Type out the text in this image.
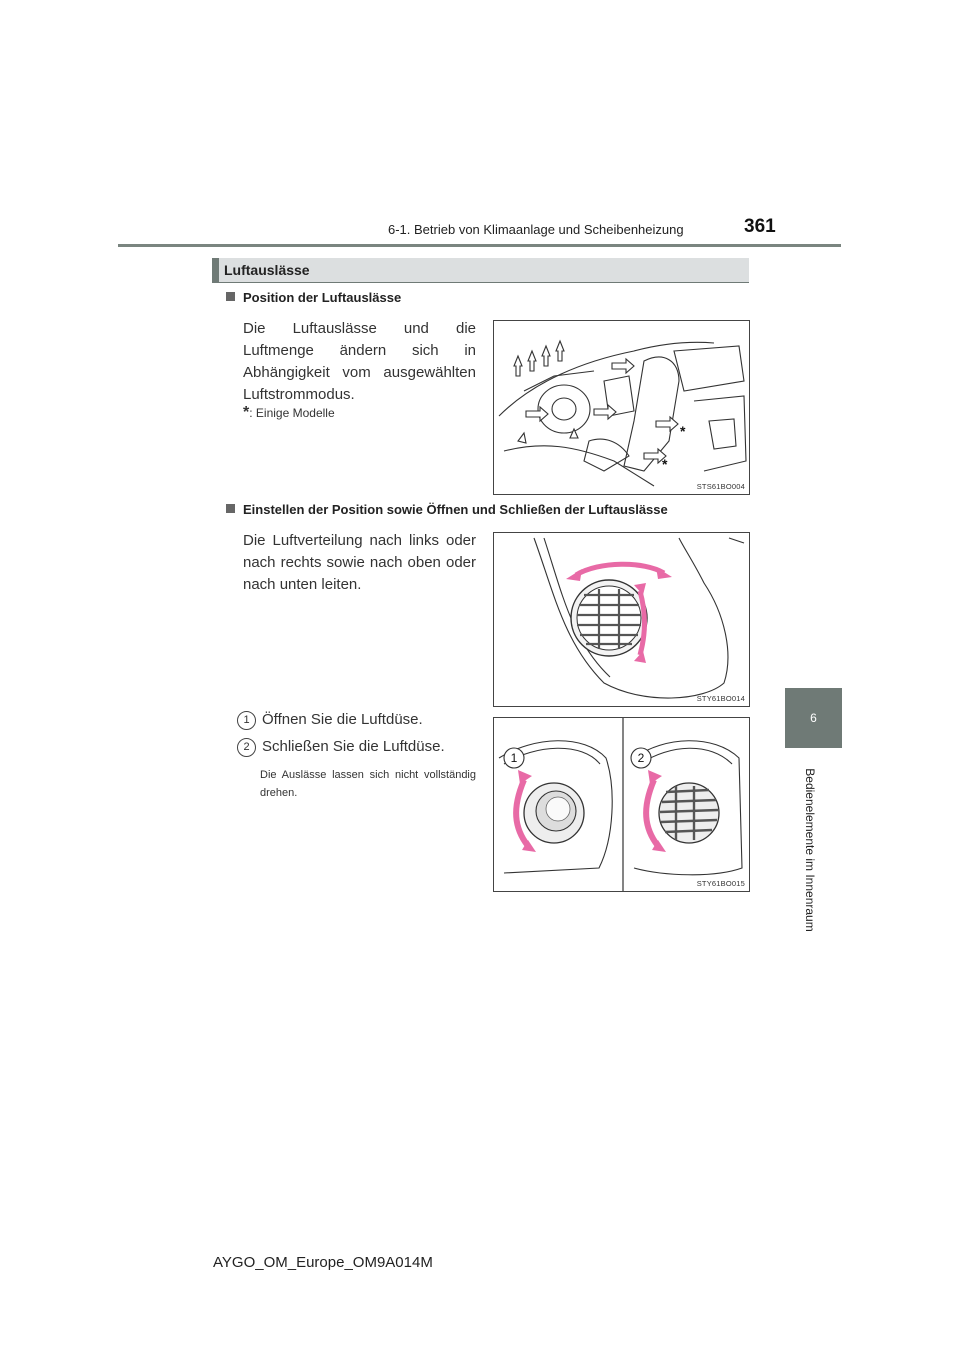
6-1. Betrieb von Klimaanlage und Scheibenheizung	361
6
Bedienelemente im Innenraum
Luftauslässe
Position der Luftauslässe
Die Luftauslässe und die Luftmenge ändern sich in Abhängigkeit vom ausgewählten Luftstrommodus.
*: Einige Modelle
*
*
STS61BO004
Einstellen der Position sowie Öffnen und Schließen der Luftauslässe
Die Luftverteilung nach links oder nach rechts sowie nach oben oder nach unten leiten.
STY61BO014
1 Öffnen Sie die Luftdüse.
2 Schließen Sie die Luftdüse.
Die Auslässe lassen sich nicht vollständig drehen.
1	2
STY61BO015
AYGO_OM_Europe_OM9A014M
